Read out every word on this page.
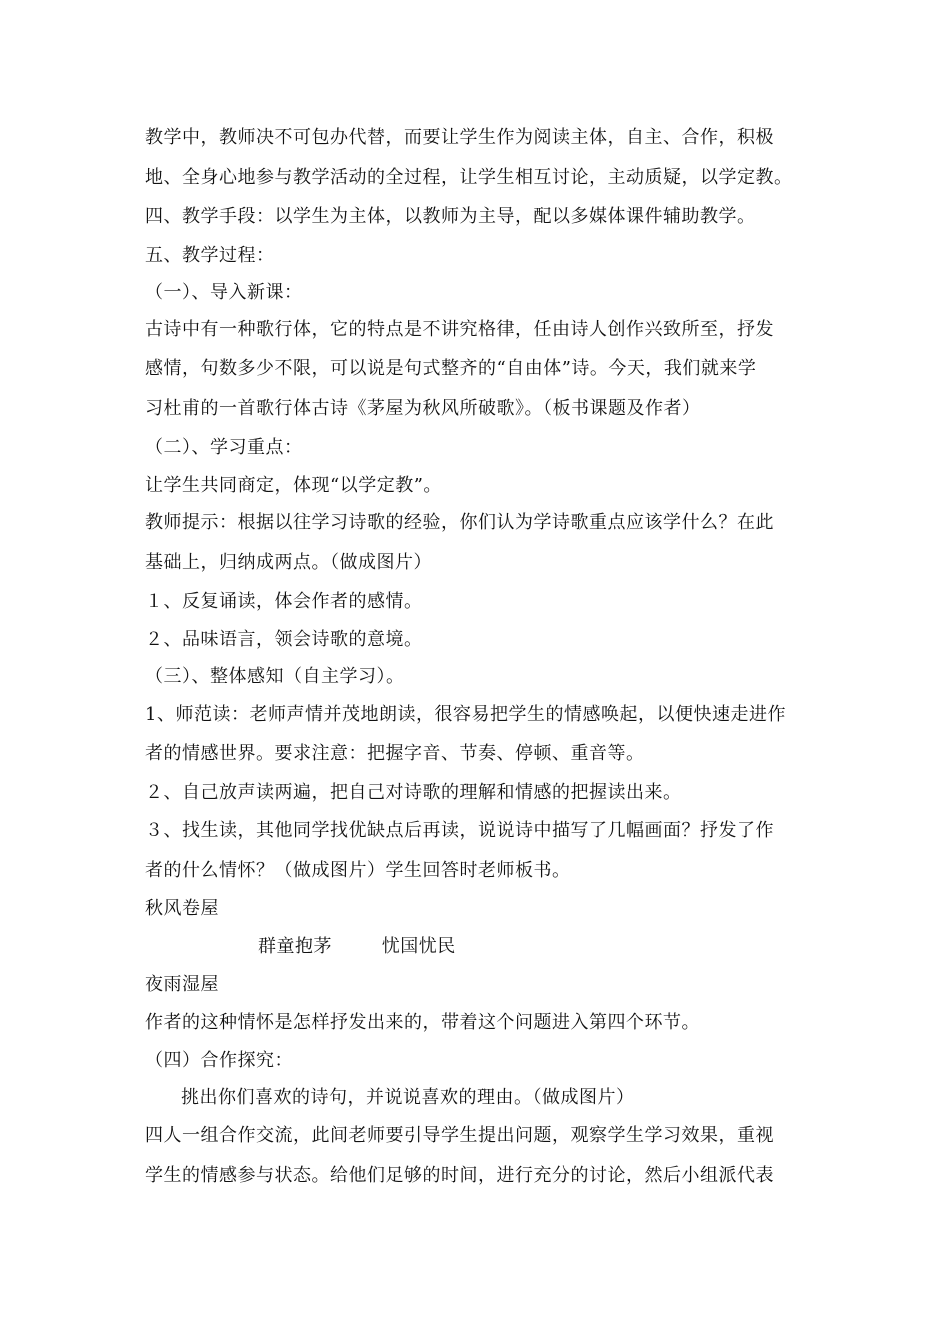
教学中，教师决不可包办代替，而要让学生作为阅读主体，自主、合作，积极
地、全身心地参与教学活动的全过程，让学生相互讨论，主动质疑，以学定教。
四、教学手段：以学生为主体，以教师为主导，配以多媒体课件辅助教学。
五、教学过程：
（一）、导入新课：
古诗中有一种歌行体，它的特点是不讲究格律，任由诗人创作兴致所至，抒发
感情，句数多少不限，可以说是句式整齐的“自由体”诗。今天，我们就来学
习杜甫的一首歌行体古诗《茅屋为秋风所破歌》。（板书课题及作者）
（二）、学习重点：
让学生共同商定，体现“以学定教”。
教师提示：根据以往学习诗歌的经验，你们认为学诗歌重点应该学什么？在此
基础上，归纳成两点。（做成图片）
１、反复诵读，体会作者的感情。
２、品味语言，领会诗歌的意境。
（三）、整体感知（自主学习）。
1、师范读：老师声情并茂地朗读，很容易把学生的情感唤起，以便快速走进作
者的情感世界。要求注意：把握字音、节奏、停顿、重音等。
２、自己放声读两遍，把自己对诗歌的理解和情感的把握读出来。
３、找生读，其他同学找优缺点后再读，说说诗中描写了几幅画面？抒发了作
者的什么情怀？（做成图片）学生回答时老师板书。
秋风卷屋
群童抱茅        忧国忧民
夜雨湿屋
作者的这种情怀是怎样抒发出来的，带着这个问题进入第四个环节。
（四）合作探究：
挑出你们喜欢的诗句，并说说喜欢的理由。（做成图片）
四人一组合作交流，此间老师要引导学生提出问题，观察学生学习效果，重视
学生的情感参与状态。给他们足够的时间，进行充分的讨论，然后小组派代表
